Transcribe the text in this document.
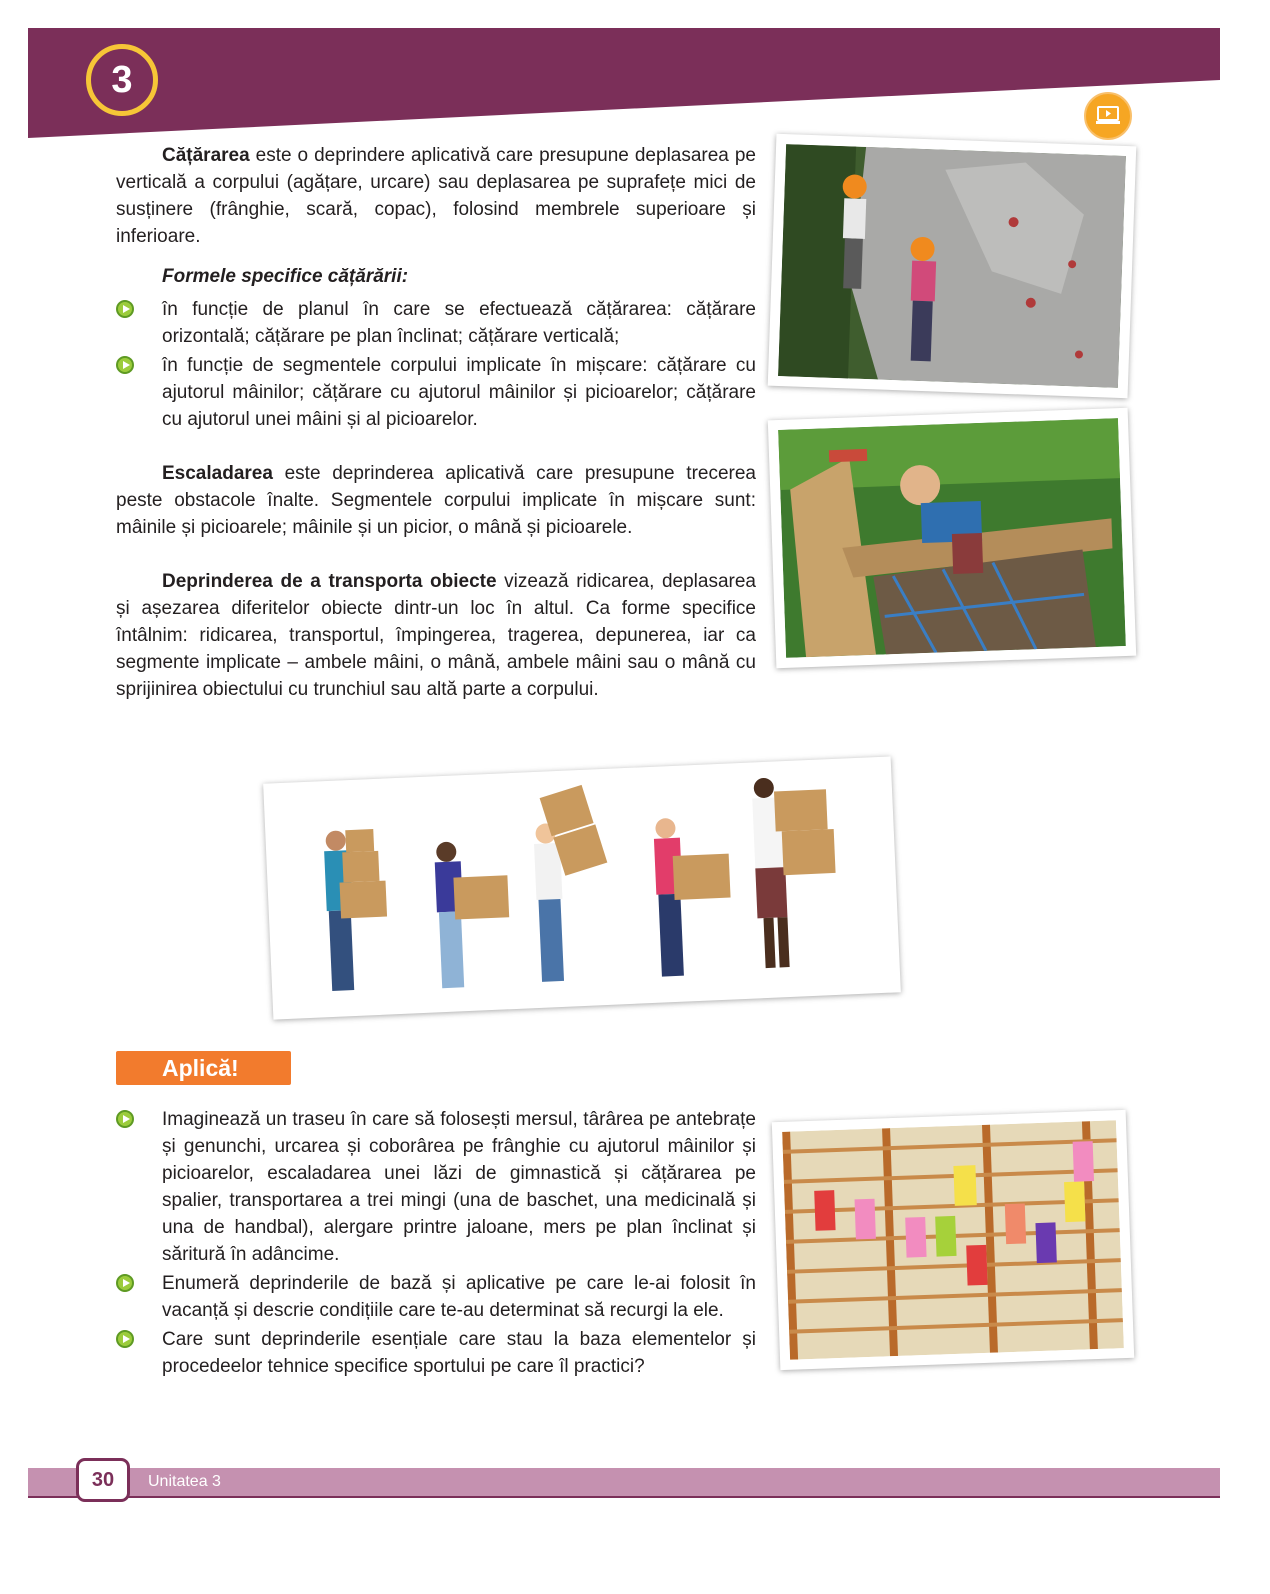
3

Cățărarea este o deprindere aplicativă care presupune deplasarea pe verticală a corpului (agățare, urcare) sau deplasarea pe suprafețe mici de susținere (frânghie, scară, copac), folosind membrele superioare și inferioare.

Formele specifice cățărării:
în funcție de planul în care se efectuează cățărarea: cățărare orizontală; cățărare pe plan înclinat; cățărare verticală;
în funcție de segmentele corpului implicate în mișcare: cățărare cu ajutorul mâinilor; cățărare cu ajutorul mâinilor și picioarelor; cățărare cu ajutorul unei mâini și al picioarelor.

Escaladarea este deprinderea aplicativă care presupune trecerea peste obstacole înalte. Segmentele corpului implicate în mișcare sunt: mâinile și picioarele; mâinile și un picior, o mână și picioarele.

Deprinderea de a transporta obiecte vizează ridicarea, deplasarea și așezarea diferitelor obiecte dintr-un loc în altul. Ca forme specifice întâlnim: ridicarea, transportul, împingerea, tragerea, depunerea, iar ca segmente implicate – ambele mâini, o mână, ambele mâini sau o mână cu sprijinirea obiectului cu trunchiul sau altă parte a corpului.

Aplică!
Imaginează un traseu în care să folosești mersul, târârea pe antebrațe și genunchi, urcarea și coborârea pe frânghie cu ajutorul mâinilor și picioarelor, escaladarea unei lăzi de gimnastică și cățărarea pe spalier, transportarea a trei mingi (una de baschet, una medicinală și una de handbal), alergare printre jaloane, mers pe plan înclinat și săritură în adâncime.
Enumeră deprinderile de bază și aplicative pe care le-ai folosit în vacanță și descrie condițiile care te-au determinat să recurgi la ele.
Care sunt deprinderile esențiale care stau la baza elementelor și procedeelor tehnice specifice sportului pe care îl practici?
30	Unitatea 3
